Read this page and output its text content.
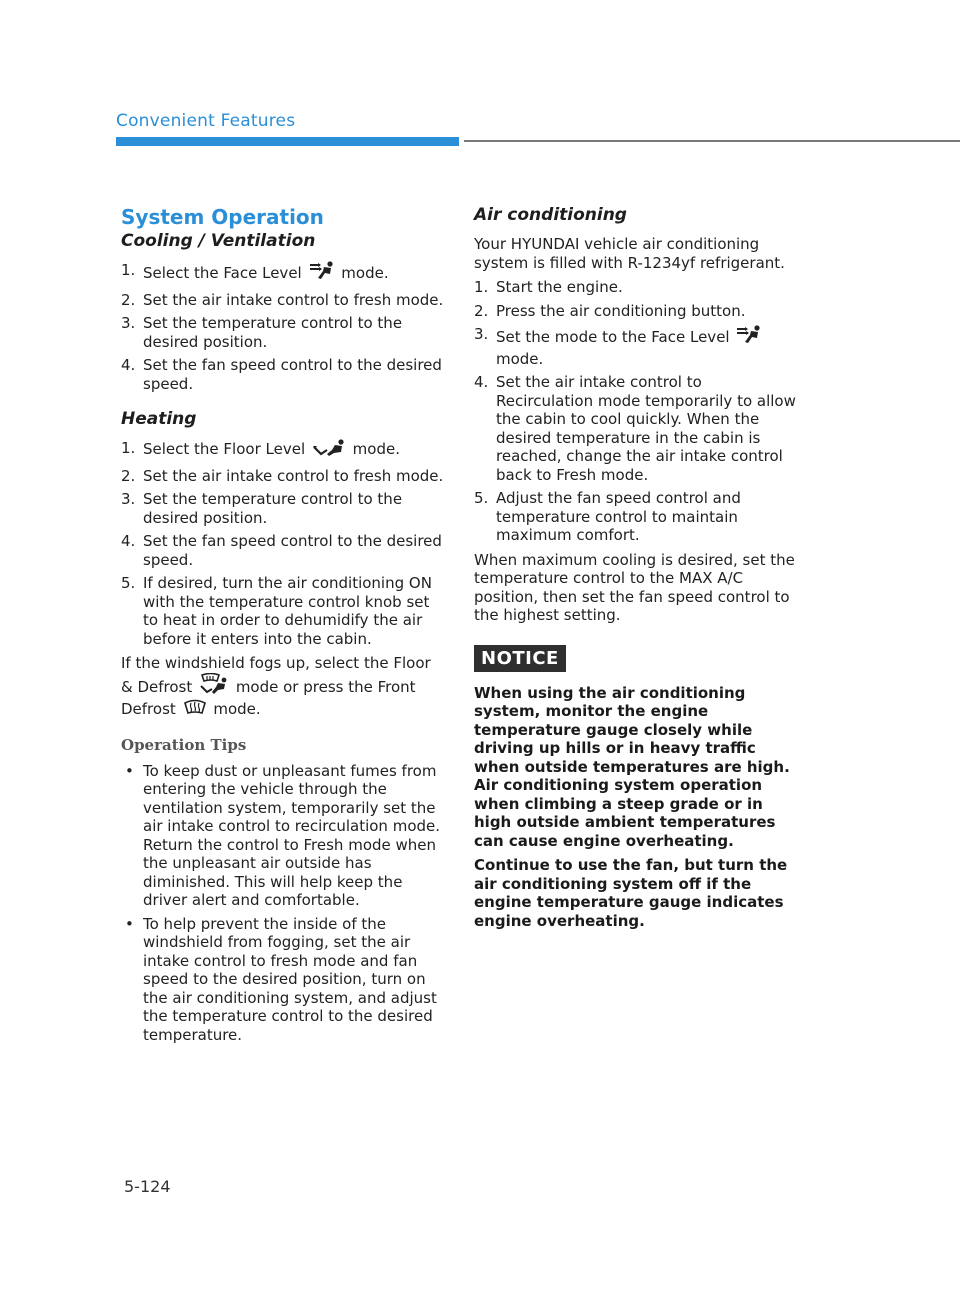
Convenient Features
System Operation
Cooling / Ventilation
1. Select the Face Level	mode.
2. Set the air intake control to fresh mode.
3. Set the temperature control to the desired position.
4. Set the fan speed control to the desired speed.
Heating
1. Select the Floor Level	mode.
2. Set the air intake control to fresh mode.
3. Set the temperature control to the desired position.
4. Set the fan speed control to the desired speed.
5. If desired, turn the air conditioning ON with the temperature control knob set to heat in order to dehumidify the air before it enters into the cabin.

If the windshield fogs up, select the Floor & Defrost	mode or press the Front Defrost	mode.

Operation Tips
• To keep dust or unpleasant fumes from entering the vehicle through the ventilation system, temporarily set the air intake control to recirculation mode. Return the control to Fresh mode when the unpleasant air outside has diminished. This will help keep the driver alert and comfortable.
• To help prevent the inside of the windshield from fogging, set the air intake control to fresh mode and fan speed to the desired position, turn on the air conditioning system, and adjust the temperature control to the desired temperature.
Air conditioning

Your HYUNDAI vehicle air conditioning system is filled with R-1234yf refrigerant.

1. Start the engine.
2. Press the air conditioning button.
3. Set the mode to the Face Level  mode.
4. Set the air intake control to Recirculation mode temporarily to allow the cabin to cool quickly. When the desired temperature in the cabin is reached, change the air intake control back to Fresh mode.
5. Adjust the fan speed control and temperature control to maintain maximum comfort.

When maximum cooling is desired, set the temperature control to the MAX A/C position, then set the fan speed control to the highest setting.

NOTICE

When using the air conditioning system, monitor the engine temperature gauge closely while driving up hills or in heavy traffic when outside temperatures are high. Air conditioning system operation when climbing a steep grade or in high outside ambient temperatures can cause engine overheating.

Continue to use the fan, but turn the air conditioning system off if the engine temperature gauge indicates engine overheating.

5-124
